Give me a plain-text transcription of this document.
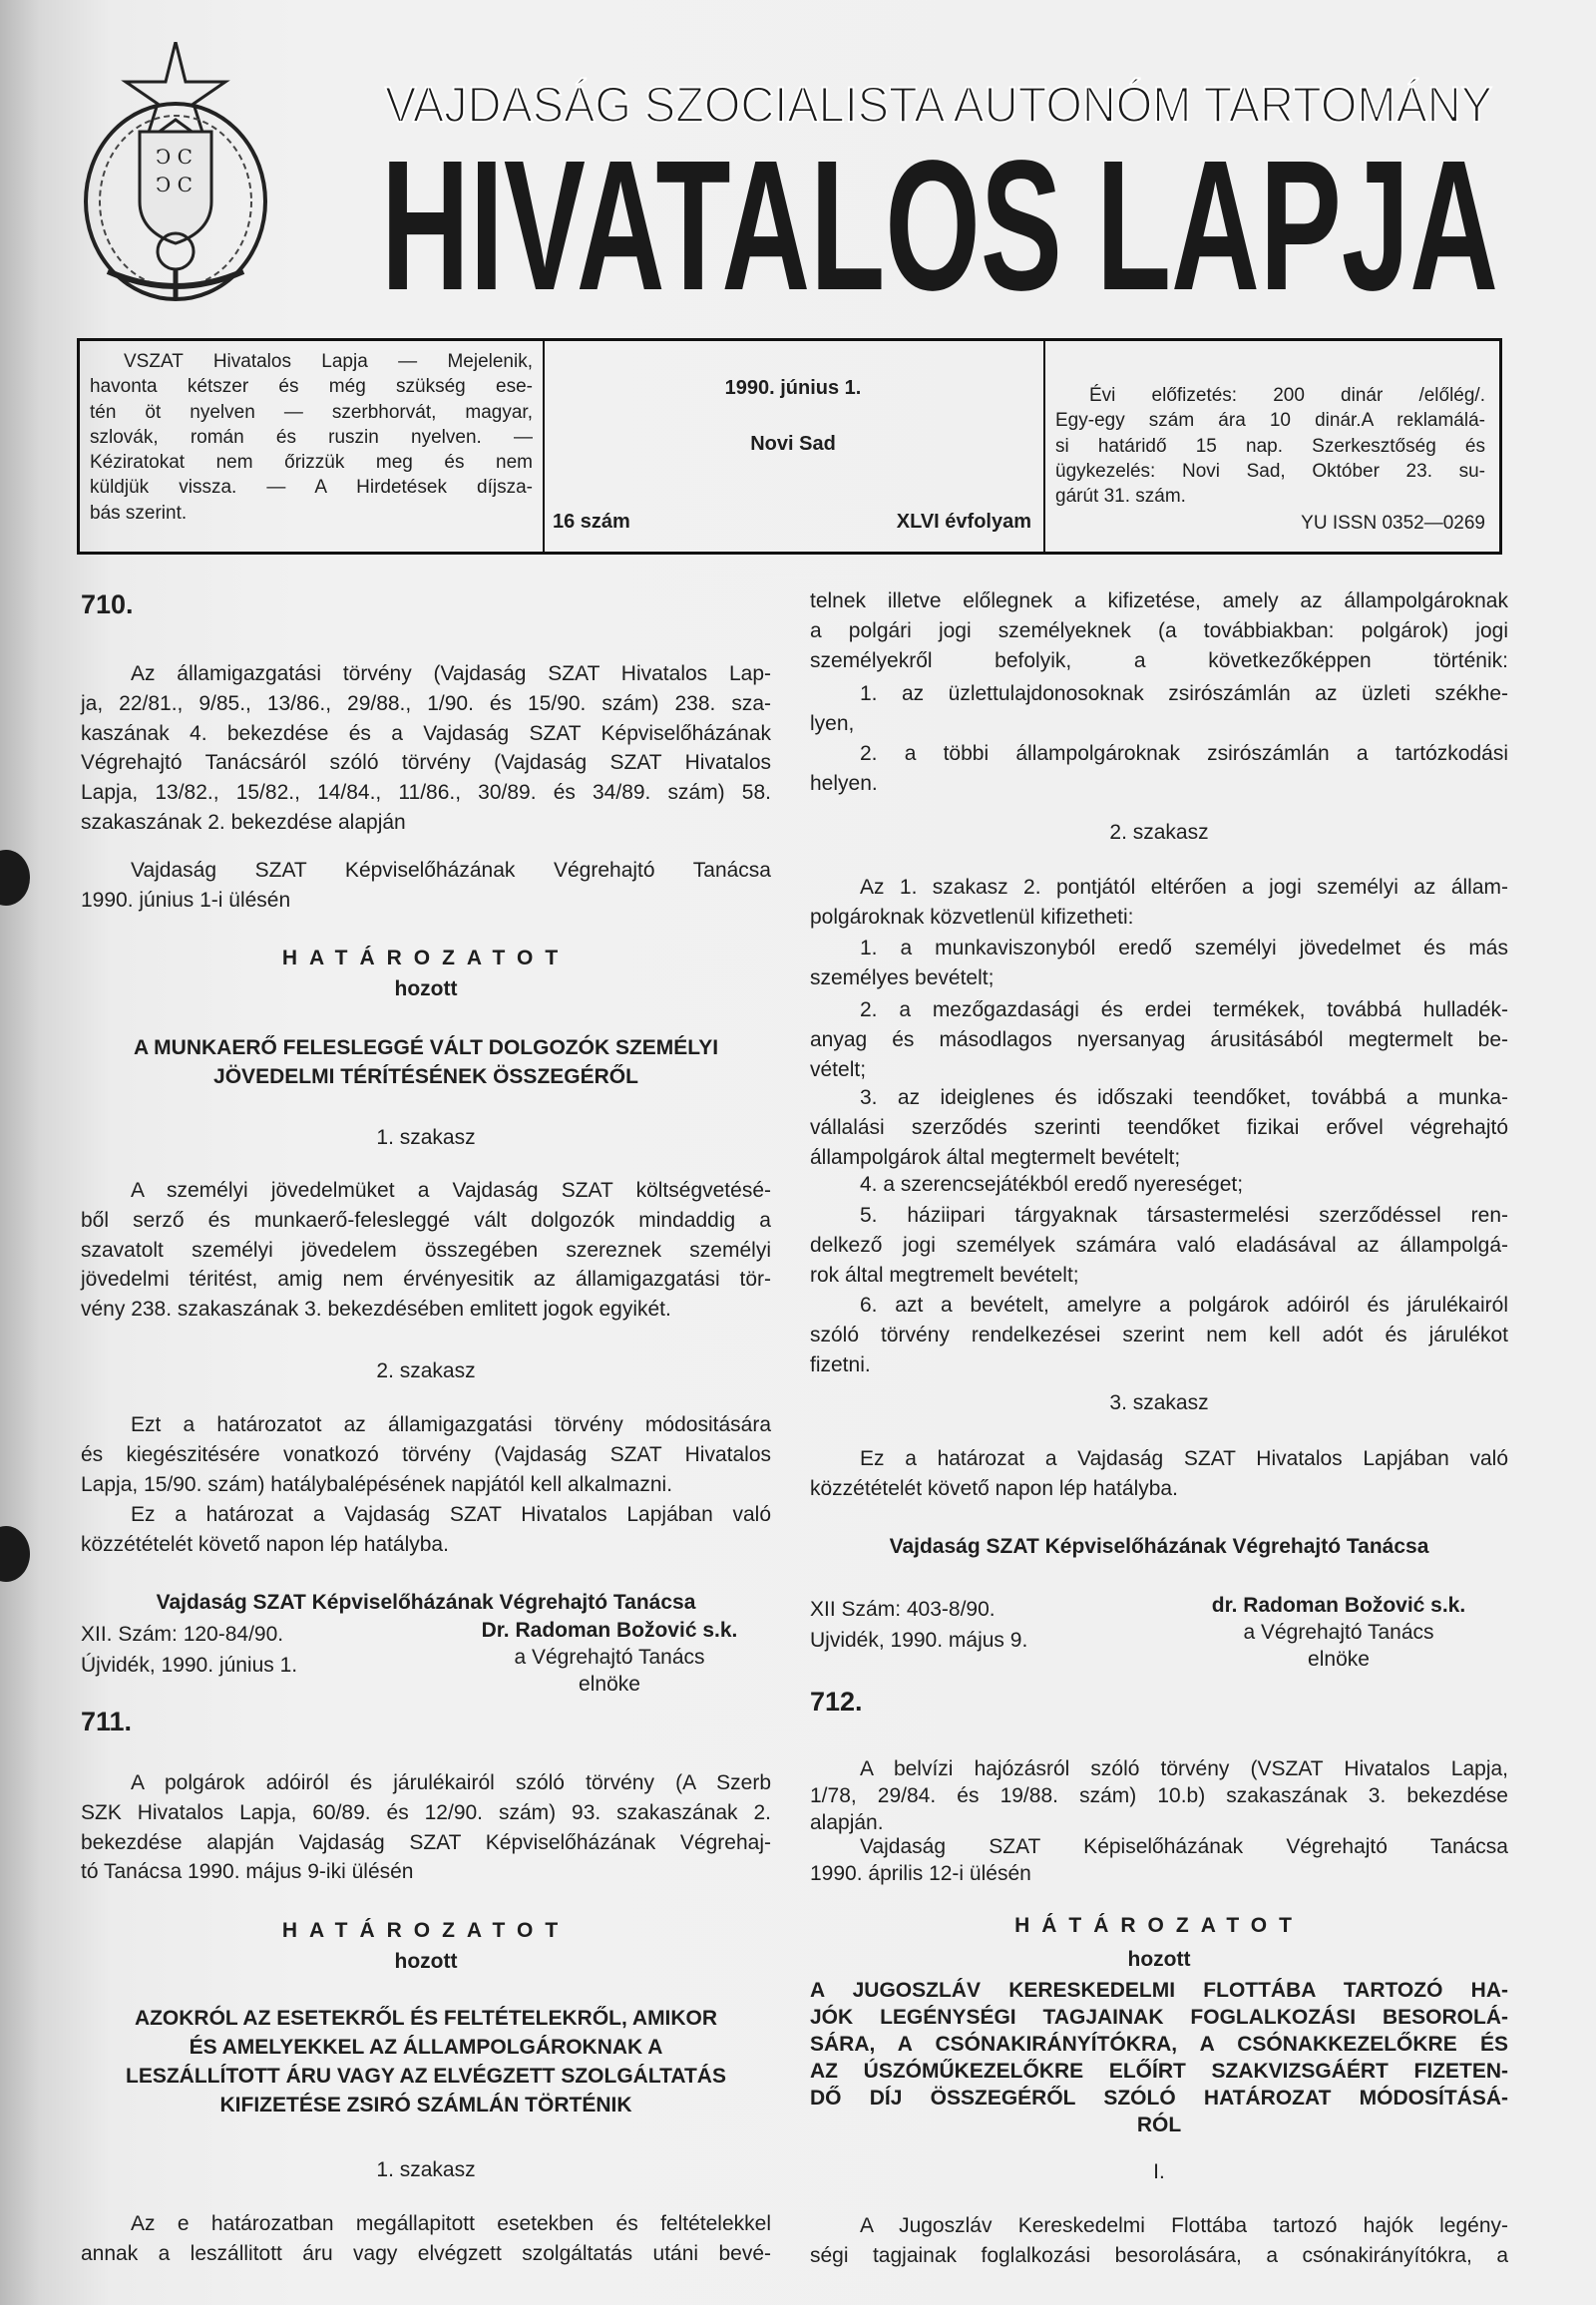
Ͻ Ϲ
Ͻ Ϲ
VAJDASÁG SZOCIALISTA AUTONÓM TARTOMÁNY
HIVATALOS LAPJA
VSZAT Hivatalos Lapja — Mejelenik,
havonta kétszer és még szükség ese-
tén öt nyelven — szerbhorvát, magyar,
szlovák, román és ruszin nyelven. —
Kéziratokat nem őrizzük meg és nem
küldjük vissza. — A Hirdetések díjsza-
bás szerint.
1990. június 1.
Novi Sad
16 szám	XLVI évfolyam
Évi előfizetés: 200 dinár /előlég/.
Egy-egy szám ára 10 dinár.A reklamálá-
si határidő 15 nap. Szerkesztőség és
ügykezelés: Novi Sad, Október 23. su-
gárút 31. szám.
YU ISSN 0352—0269
710.
Az államigazgatási törvény (Vajdaság SZAT Hivatalos Lap-
ja, 22/81., 9/85., 13/86., 29/88., 1/90. és 15/90. szám) 238. sza-
kaszának 4. bekezdése és a Vajdaság SZAT Képviselőházának
Végrehajtó Tanácsáról szóló törvény (Vajdaság SZAT Hivatalos
Lapja, 13/82., 15/82., 14/84., 11/86., 30/89. és 34/89. szám) 58.
szakaszának 2. bekezdése alapján
Vajdaság SZAT Képviselőházának Végrehajtó Tanácsa
1990. június 1-i ülésén
HATÁROZATOT
hozott
A MUNKAERŐ FELESLEGGÉ VÁLT DOLGOZÓK SZEMÉLYI
JÖVEDELMI TÉRÍTÉSÉNEK ÖSSZEGÉRŐL
1. szakasz
A személyi jövedelmüket a Vajdaság SZAT költségvetésé-
ből serző és munkaerő-felesleggé vált dolgozók mindaddig a
szavatolt személyi jövedelem összegében szereznek személyi
jövedelmi téritést, amig nem érvényesitik az államigazgatási tör-
vény 238. szakaszának 3. bekezdésében emlitett jogok egyikét.
2. szakasz
Ezt a határozatot az államigazgatási törvény módositására
és kiegészitésére vonatkozó törvény (Vajdaság SZAT Hivatalos
Lapja, 15/90. szám) hatálybalépésének napjától kell alkalmazni.
Ez a határozat a Vajdaság SZAT Hivatalos Lapjában való
közzétételét követő napon lép hatályba.
Vajdaság SZAT Képviselőházának Végrehajtó Tanácsa
XII. Szám: 120-84/90.
Újvidék, 1990. június 1.
Dr. Radoman Božović s.k.
a Végrehajtó Tanács
elnöke
711.
A polgárok adóiról és járulékairól szóló törvény (A Szerb
SZK Hivatalos Lapja, 60/89. és 12/90. szám) 93. szakaszának 2.
bekezdése alapján Vajdaság SZAT Képviselőházának Végrehaj-
tó Tanácsa 1990. május 9-iki ülésén
HATÁROZATOT
hozott
AZOKRÓL AZ ESETEKRŐL ÉS FELTÉTELEKRŐL, AMIKOR
ÉS AMELYEKKEL AZ ÁLLAMPOLGÁROKNAK A
LESZÁLLÍTOTT ÁRU VAGY AZ ELVÉGZETT SZOLGÁLTATÁS
KIFIZETÉSE ZSIRÓ SZÁMLÁN TÖRTÉNIK
1. szakasz
Az e határozatban megállapitott esetekben és feltételekkel
annak a leszállitott áru vagy elvégzett szolgáltatás utáni bevé-
telnek illetve előlegnek a kifizetése, amely az állampolgároknak
a polgári jogi személyeknek (a továbbiakban: polgárok) jogi
személyekről befolyik, a következőképpen történik:
1. az üzlettulajdonosoknak zsirószámlán az üzleti székhe-
lyen,
2. a többi állampolgároknak zsirószámlán a tartózkodási
helyen.
2. szakasz
Az 1. szakasz 2. pontjától eltérően a jogi személyi az állam-
polgároknak közvetlenül kifizetheti:
1. a munkaviszonyból eredő személyi jövedelmet és más
személyes bevételt;
2. a mezőgazdasági és erdei termékek, továbbá hulladék-
anyag és másodlagos nyersanyag árusitásából megtermelt be-
vételt;
3. az ideiglenes és időszaki teendőket, továbbá a munka-
vállalási szerződés szerinti teendőket fizikai erővel végrehajtó
állampolgárok által megtermelt bevételt;
4. a szerencsejátékból eredő nyereséget;
5. háziipari tárgyaknak társastermelési szerződéssel ren-
delkező jogi személyek számára való eladásával az állampolgá-
rok által megtremelt bevételt;
6. azt a bevételt, amelyre a polgárok adóiról és járulékairól
szóló törvény rendelkezései szerint nem kell adót és járulékot
fizetni.
3. szakasz
Ez a határozat a Vajdaság SZAT Hivatalos Lapjában való
közzétételét követő napon lép hatályba.
Vajdaság SZAT Képviselőházának Végrehajtó Tanácsa
XII Szám: 403-8/90.
Ujvidék, 1990. május 9.
dr. Radoman Božović s.k.
a Végrehajtó Tanács
elnöke
712.
A belvízi hajózásról szóló törvény (VSZAT Hivatalos Lapja,
1/78, 29/84. és 19/88. szám) 10.b) szakaszának 3. bekezdése
alapján.
Vajdaság SZAT Képiselőházának Végrehajtó Tanácsa
1990. április 12-i ülésén
HÁTÁROZATOT
hozott
A JUGOSZLÁV KERESKEDELMI FLOTTÁBA TARTOZÓ HA-
JÓK LEGÉNYSÉGI TAGJAINAK FOGLALKOZÁSI BESOROLÁ-
SÁRA, A CSÓNAKIRÁNYÍTÓKRA, A CSÓNAKKEZELŐKRE ÉS
AZ ÚSZÓMŰKEZELŐKRE ELŐÍRT SZAKVIZSGÁÉRT FIZETEN-
DŐ DÍJ ÖSSZEGÉRŐL SZÓLÓ HATÁROZAT MÓDOSÍTÁSÁ-
RÓL
I.
A Jugoszláv Kereskedelmi Flottába tartozó hajók legény-
ségi tagjainak foglalkozási besorolására, a csónakirányítókra, a
